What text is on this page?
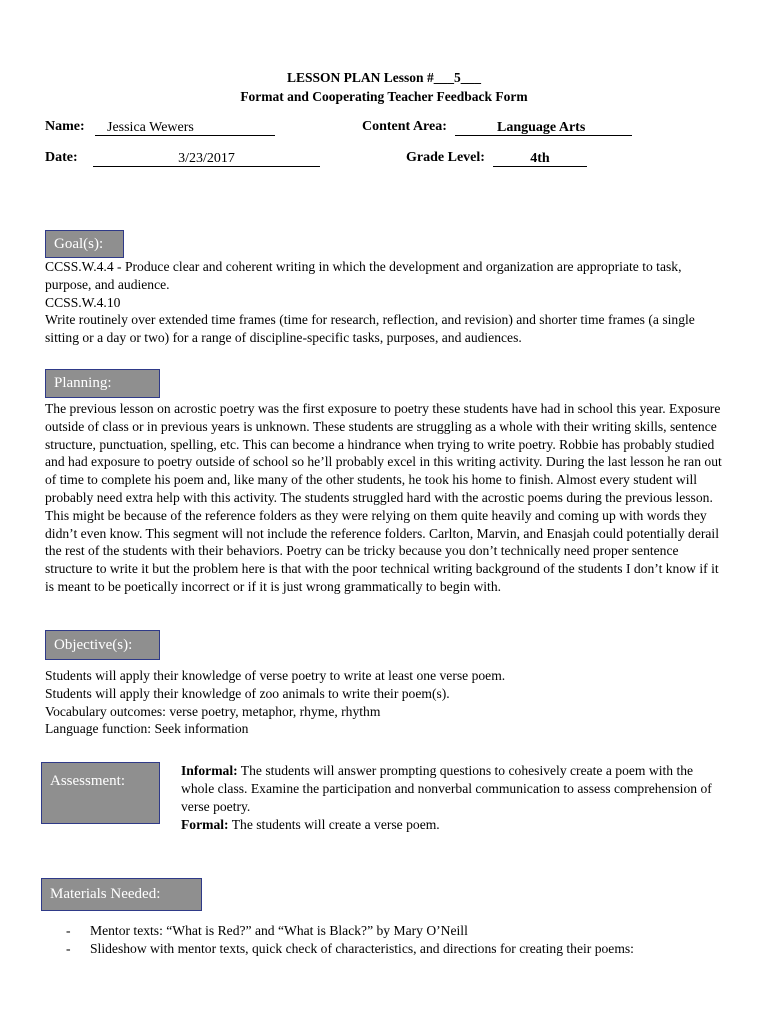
LESSON PLAN Lesson #___5___
Format and Cooperating Teacher Feedback Form
Name:	Jessica Wewers	Content Area:	Language Arts
Date:	3/23/2017	Grade Level:	4th
Goal(s):

CCSS.W.4.4 - Produce clear and coherent writing in which the development and organization are appropriate to task, purpose, and audience.

CCSS.W.4.10

Write routinely over extended time frames (time for research, reflection, and revision) and shorter time frames (a single sitting or a day or two) for a range of discipline-specific tasks, purposes, and audiences.

Planning:

The previous lesson on acrostic poetry was the first exposure to poetry these students have had in school this year. Exposure outside of class or in previous years is unknown. These students are struggling as a whole with their writing skills, sentence structure, punctuation, spelling, etc. This can become a hindrance when trying to write poetry. Robbie has probably studied and had exposure to poetry outside of school so he’ll probably excel in this writing activity. During the last lesson he ran out of time to complete his poem and, like many of the other students, he took his home to finish. Almost every student will probably need extra help with this activity. The students struggled hard with the acrostic poems during the previous lesson. This might be because of the reference folders as they were relying on them quite heavily and coming up with words they didn’t even know. This segment will not include the reference folders. Carlton, Marvin, and Enasjah could potentially derail the rest of the students with their behaviors. Poetry can be tricky because you don’t technically need proper sentence structure to write it but the problem here is that with the poor technical writing background of the students I don’t know if it is meant to be poetically incorrect or if it is just wrong grammatically to begin with.

Objective(s):

Students will apply their knowledge of verse poetry to write at least one verse poem.

Students will apply their knowledge of zoo animals to write their poem(s).

Vocabulary outcomes: verse poetry, metaphor, rhyme, rhythm

Language function: Seek information

Assessment:

Informal: The students will answer prompting questions to cohesively create a poem with the whole class. Examine the participation and nonverbal communication to assess comprehension of verse poetry.

Formal: The students will create a verse poem.

Materials Needed:
- Mentor texts: “What is Red?” and “What is Black?” by Mary O’Neill
- Slideshow with mentor texts, quick check of characteristics, and directions for creating their poems:
